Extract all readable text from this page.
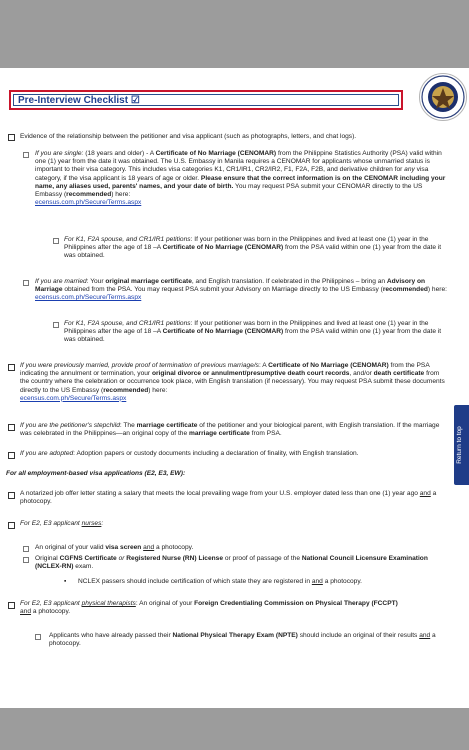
Pre-Interview Checklist ☑
Return to top
Evidence of the relationship between the petitioner and visa applicant (such as photographs, letters, and chat logs).
If you are single: (18 years and older) - A Certificate of No Marriage (CENOMAR) from the Philippine Statistics Authority (PSA) valid within one (1) year from the date it was obtained. The U.S. Embassy in Manila requires a CENOMAR for applicants whose unmarried status is important to their visa category. This includes visa categories K1, CR1/IR1, CR2/IR2, F1, F2A, F2B, and derivative children for any visa category, if the visa applicant is 18 years of age or older. Please ensure that the correct information is on the CENOMAR including your name, any aliases used, parents' names, and your date of birth. You may request PSA submit your CENOMAR directly to the US Embassy (recommended) here:
ecensus.com.ph/Secure/Terms.aspx
For K1, F2A spouse, and CR1/IR1 petitions: If your petitioner was born in the Philippines and lived at least one (1) year in the Philippines after the age of 18 –A Certificate of No Marriage (CENOMAR) from the PSA valid within one (1) year from the date it was obtained.
If you are married: Your original marriage certificate, and English translation. If celebrated in the Philippines – bring an Advisory on Marriage obtained from the PSA. You may request PSA submit your Advisory on Marriage directly to the US Embassy (recommended) here: ecensus.com.ph/Secure/Terms.aspx
For K1, F2A spouse, and CR1/IR1 petitions: If your petitioner was born in the Philippines and lived at least one (1) year in the Philippines after the age of 18 –A Certificate of No Marriage (CENOMAR) from the PSA valid within one (1) year from the date it was obtained.
If you were previously married, provide proof of termination of previous marriage/s: A Certificate of No Marriage (CENOMAR) from the PSA indicating the annulment or termination, your original divorce or annulment/presumptive death court records, and/or death certificate from the country where the celebration or occurrence took place, with English translation (if necessary). You may request PSA submit these documents directly to the US Embassy (recommended) here:
ecensus.com.ph/Secure/Terms.aspx
If you are the petitioner's stepchild: The marriage certificate of the petitioner and your biological parent, with English translation. If the marriage was celebrated in the Philippines—an original copy of the marriage certificate from PSA.
If you are adopted: Adoption papers or custody documents including a declaration of finality, with English translation.
For all employment-based visa applications (E2, E3, EW):
A notarized job offer letter stating a salary that meets the local prevailing wage from your U.S. employer dated less than one (1) year ago and a photocopy.
For E2, E3 applicant nurses:
An original of your valid visa screen and a photocopy.
Original CGFNS Certificate or Registered Nurse (RN) License or proof of passage of the National Council Licensure Examination (NCLEX-RN) exam.
▪	NCLEX passers should include certification of which state they are registered in and a photocopy.
For E2, E3 applicant physical therapists: An original of your Foreign Credentialing Commission on Physical Therapy (FCCPT)
and a photocopy.
Applicants who have already passed their National Physical Therapy Exam (NPTE) should include an original of their results and a photocopy.
